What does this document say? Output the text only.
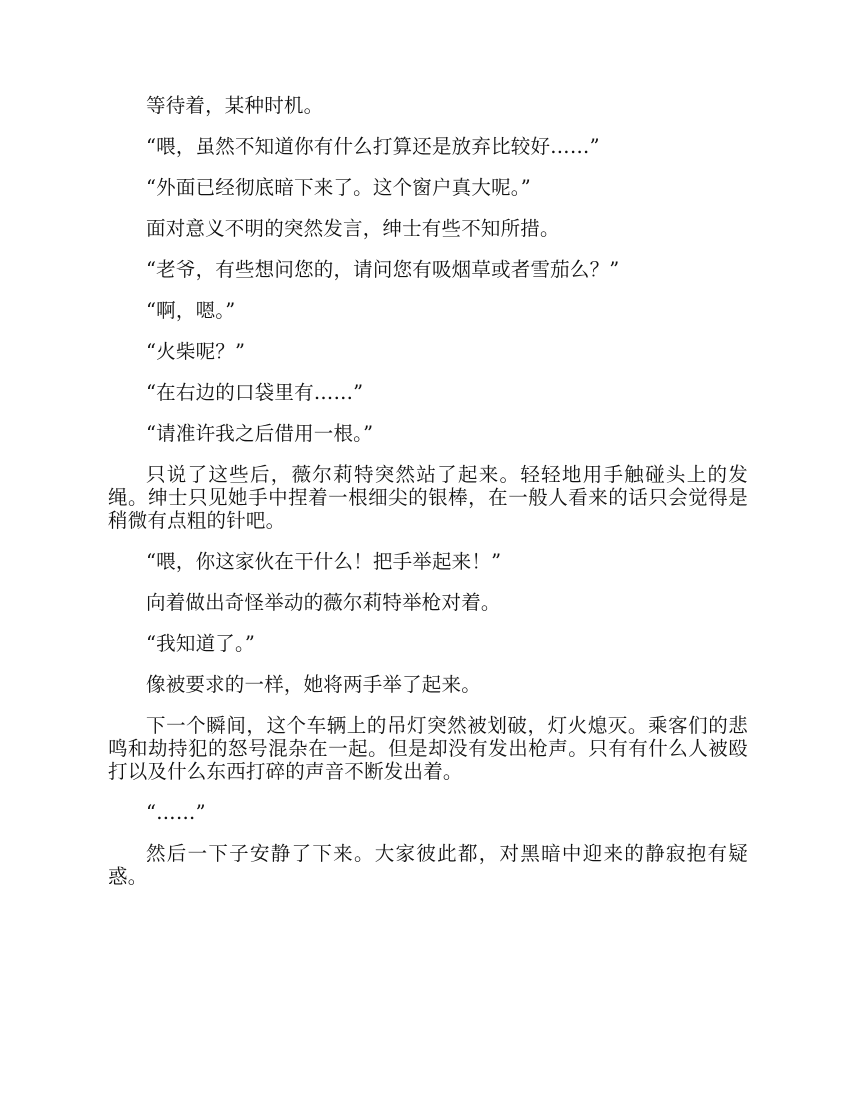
等待着，某种时机。

“喂，虽然不知道你有什么打算还是放弃比较好……”

“外面已经彻底暗下来了。这个窗户真大呢。”

面对意义不明的突然发言，绅士有些不知所措。

“老爷，有些想问您的，请问您有吸烟草或者雪茄么？”

“啊，嗯。”

“火柴呢？”

“在右边的口袋里有……”

“请准许我之后借用一根。”

只说了这些后，薇尔莉特突然站了起来。轻轻地用手触碰头上的发绳。绅士只见她手中捏着一根细尖的银棒，在一般人看来的话只会觉得是稍微有点粗的针吧。

“喂，你这家伙在干什么！把手举起来！”

向着做出奇怪举动的薇尔莉特举枪对着。

“我知道了。”

像被要求的一样，她将两手举了起来。

下一个瞬间，这个车辆上的吊灯突然被划破，灯火熄灭。乘客们的悲鸣和劫持犯的怒号混杂在一起。但是却没有发出枪声。只有有什么人被殴打以及什么东西打碎的声音不断发出着。

“……”

然后一下子安静了下来。大家彼此都，对黑暗中迎来的静寂抱有疑惑。
